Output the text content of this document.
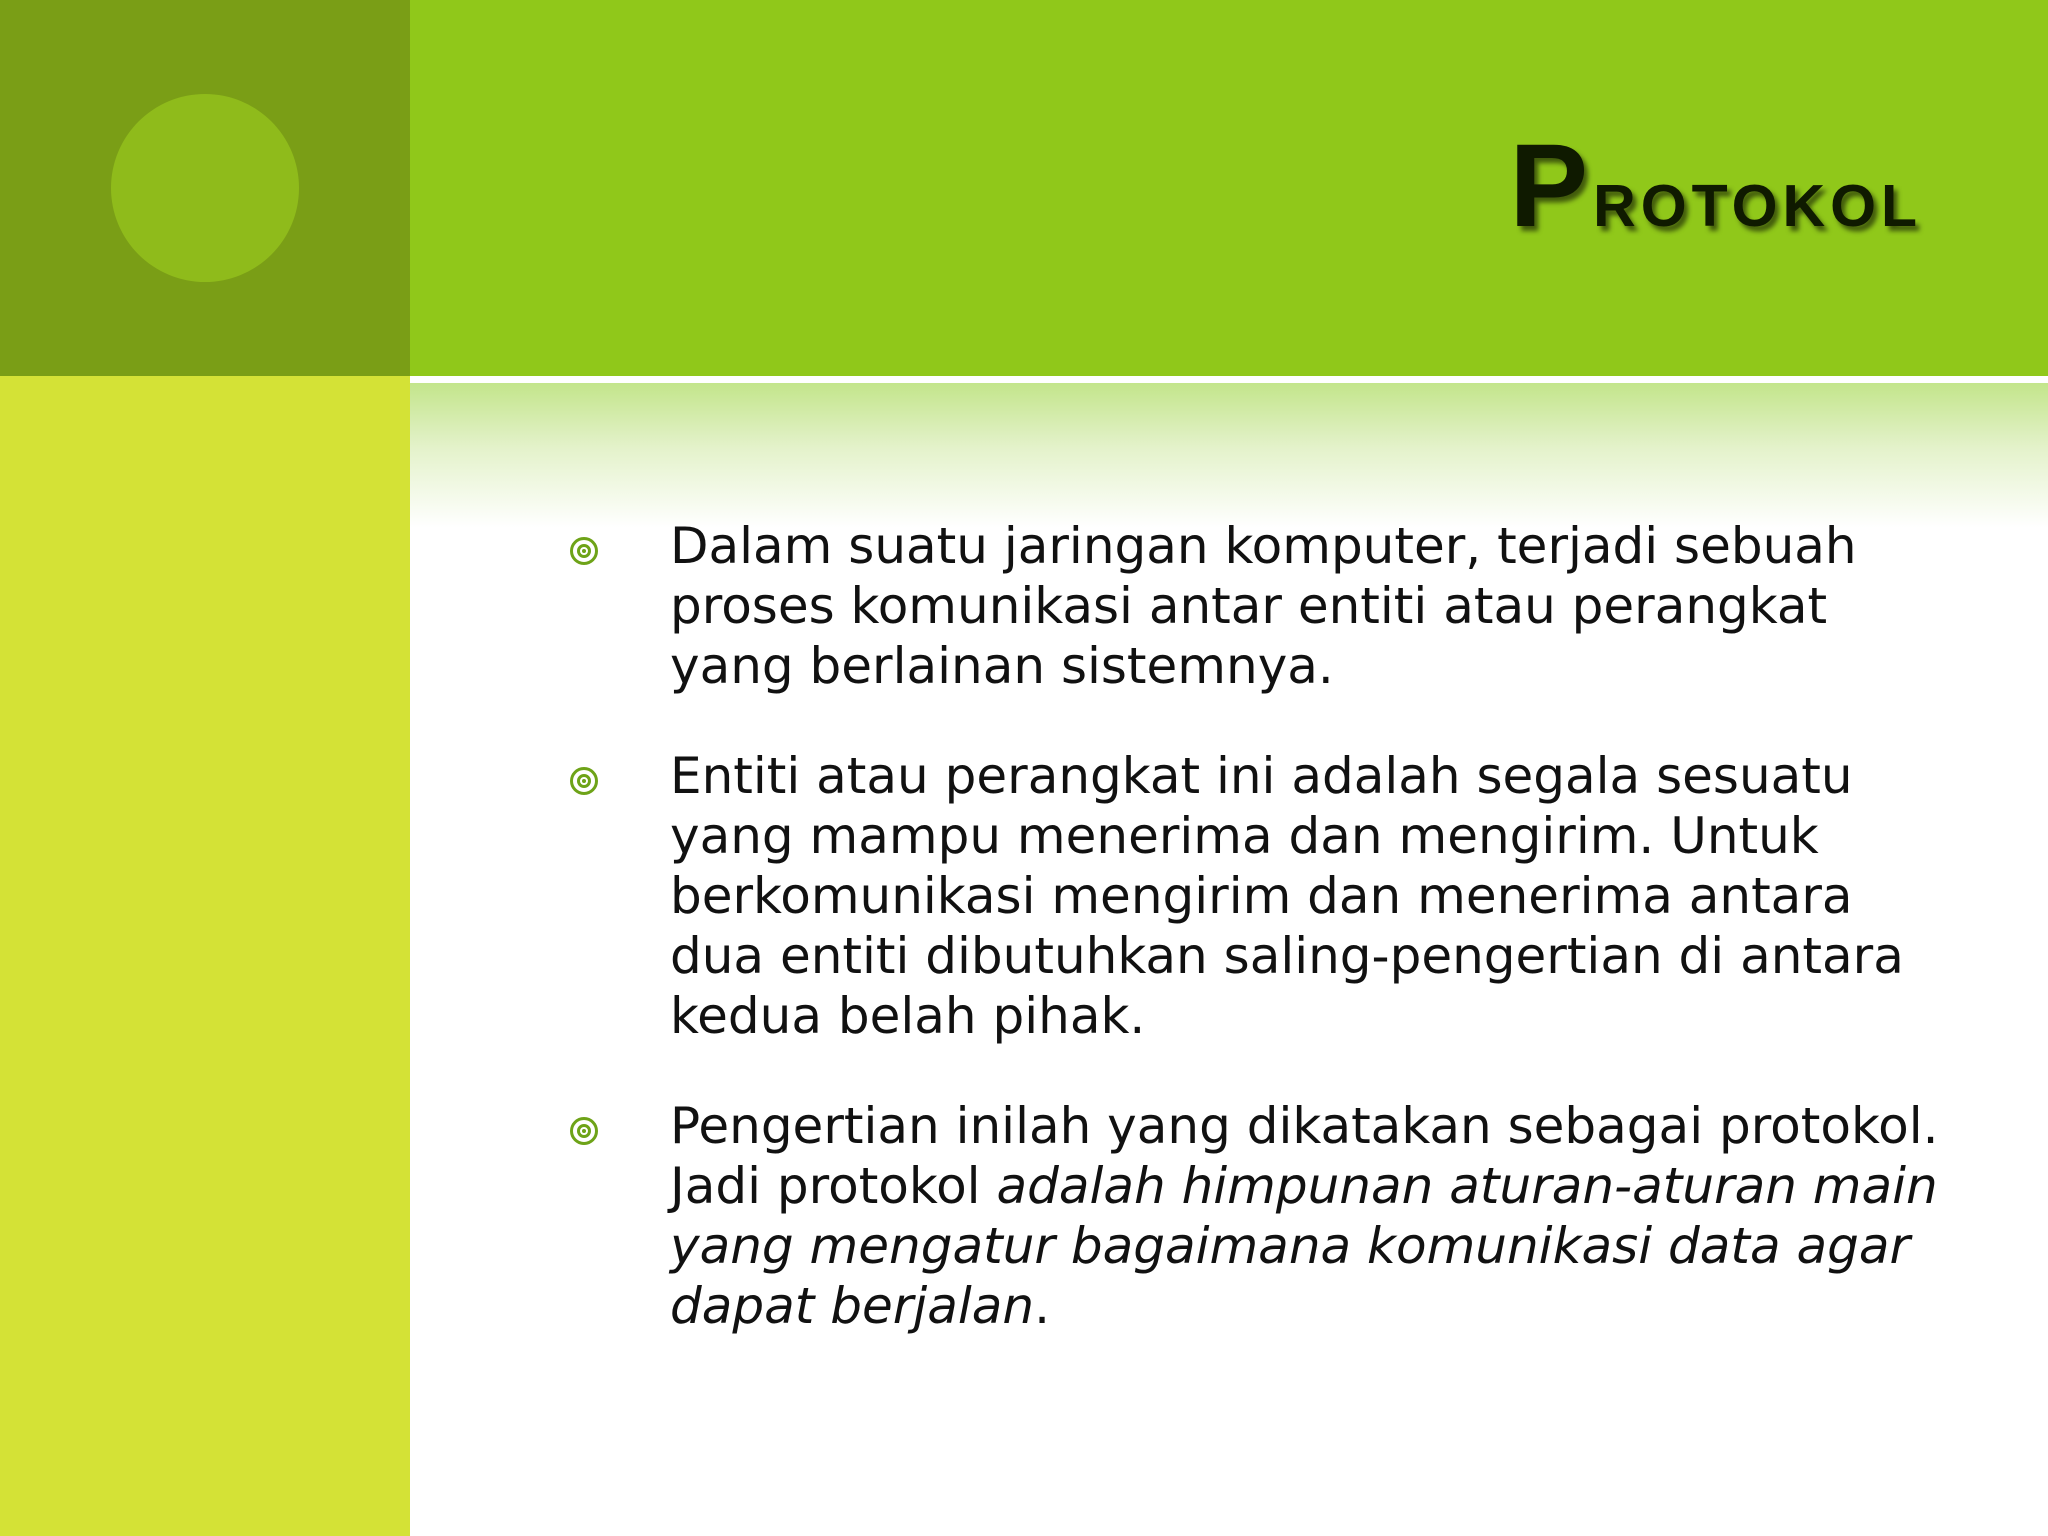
Protokol

Dalam suatu jaringan komputer, terjadi sebuah proses komunikasi antar entiti atau perangkat yang berlainan sistemnya.

Entiti atau perangkat ini adalah segala sesuatu yang mampu menerima dan mengirim. Untuk berkomunikasi mengirim dan menerima antara dua entiti dibutuhkan saling-pengertian di antara kedua belah pihak.

Pengertian inilah yang dikatakan sebagai protokol. Jadi protokol adalah himpunan aturan-aturan main yang mengatur bagaimana komunikasi data agar dapat berjalan.
